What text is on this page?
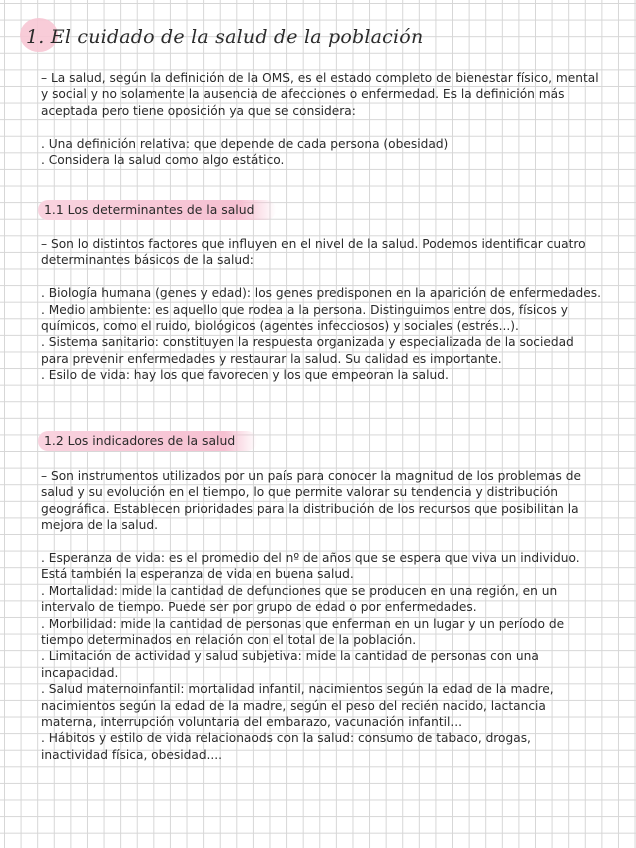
1. El cuidado de la salud de la población

– La salud, según la definición de la OMS, es el estado completo de bienestar físico, mental y social y no solamente la ausencia de afecciones o enfermedad. Es la definición más aceptada pero tiene oposición ya que se considera:

. Una definición relativa: que depende de cada persona (obesidad)

. Considera la salud como algo estático.

1.1 Los determinantes de la salud

– Son lo distintos factores que influyen en el nivel de la salud. Podemos identificar cuatro determinantes básicos de la salud:

. Biología humana (genes y edad): los genes predisponen en la aparición de enfermedades.

. Medio ambiente: es aquello que rodea a la persona. Distinguimos entre dos, físicos y químicos, como el ruido, biológicos (agentes infecciosos) y sociales (estrés...).

. Sistema sanitario: constituyen la respuesta organizada y especializada de la sociedad para prevenir enfermedades y restaurar la salud. Su calidad es importante.

. Esilo de vida: hay los que favorecen y los que empeoran la salud.

1.2 Los indicadores de la salud

– Son instrumentos utilizados por un país para conocer la magnitud de los problemas de salud y su evolución en el tiempo, lo que permite valorar su tendencia y distribución geográfica. Establecen prioridades para la distribución de los recursos que posibilitan la mejora de la salud.

. Esperanza de vida: es el promedio del nº de años que se espera que viva un individuo. Está también la esperanza de vida en buena salud.

. Mortalidad: mide la cantidad de defunciones que se producen en una región, en un intervalo de tiempo. Puede ser por grupo de edad o por enfermedades.

. Morbilidad: mide la cantidad de personas que enferman en un lugar y un período de tiempo determinados en relación con el total de la población.

. Limitación de actividad y salud subjetiva: mide la cantidad de personas con una incapacidad.

. Salud maternoinfantil: mortalidad infantil, nacimientos según la edad de la madre, nacimientos según la edad de la madre, según el peso del recién nacido, lactancia materna, interrupción voluntaria del embarazo, vacunación infantil...

. Hábitos y estilo de vida relacionaods con la salud: consumo de tabaco, drogas, inactividad física, obesidad....
